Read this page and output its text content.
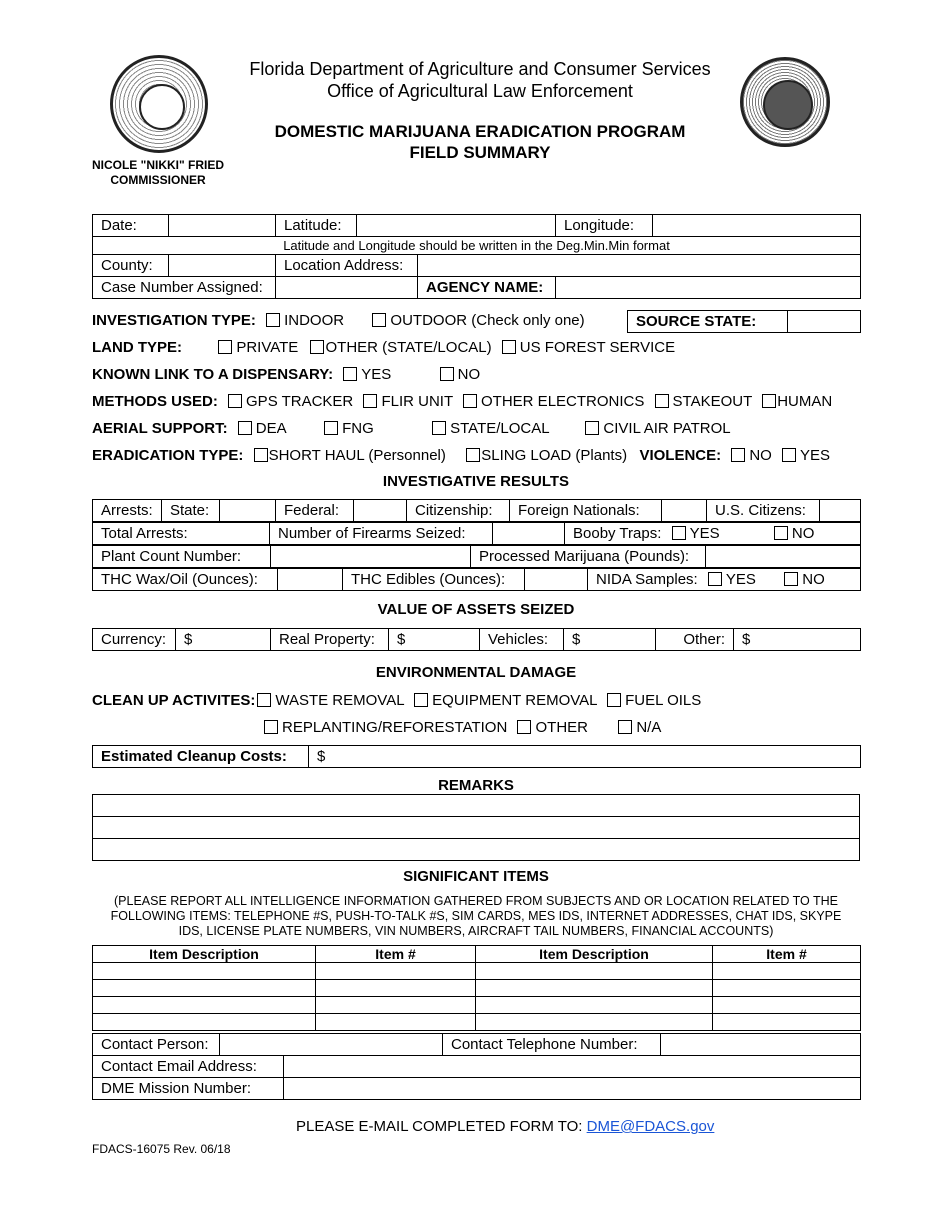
Florida Department of Agriculture and Consumer Services
Office of Agricultural Law Enforcement
DOMESTIC MARIJUANA ERADICATION PROGRAM
FIELD SUMMARY
NICOLE "NIKKI" FRIED
COMMISSIONER
Date:		Latitude:			Longitude:	
Latitude and Longitude should be written in the Deg.Min.Min format						
County:		Location Address:				
Case Number Assigned:				AGENCY NAME:		
INVESTIGATION TYPE: INDOOR	OUTDOOR (Check only one)	SOURCE STATE:	
LAND TYPE:	PRIVATE OTHER (STATE/LOCAL) US FOREST SERVICE
KNOWN LINK TO A DISPENSARY: YES	NO
METHODS USED: GPS TRACKER FLIR UNIT OTHER ELECTRONICS STAKEOUT HUMAN
AERIAL SUPPORT: DEA	FNG	STATE/LOCAL	CIVIL AIR PATROL
ERADICATION TYPE: SHORT HAUL (Personnel) SLING LOAD (Plants) VIOLENCE: NO YES
INVESTIGATIVE RESULTS
Arrests:	State:		Federal:		Citizenship:	Foreign Nationals:		U.S. Citizens:	
Total Arrests:	Number of Firearms Seized:		Booby Traps: YES	NO
Plant Count Number:		Processed Marijuana (Pounds):	
THC Wax/Oil (Ounces):		THC Edibles (Ounces):		NIDA Samples: YES	NO
VALUE OF ASSETS SEIZED
Currency:	$	Real Property:	$	Vehicles:	$	Other:	$
ENVIRONMENTAL DAMAGE
CLEAN UP ACTIVITES: WASTE REMOVAL EQUIPMENT REMOVAL FUEL OILS
REPLANTING/REFORESTATION OTHER	N/A
Estimated Cleanup Costs:	$
REMARKS

SIGNIFICANT ITEMS
(PLEASE REPORT ALL INTELLIGENCE INFORMATION GATHERED FROM SUBJECTS AND OR LOCATION RELATED TO THE
FOLLOWING ITEMS: TELEPHONE #S, PUSH-TO-TALK #S, SIM CARDS, MES IDS, INTERNET ADDRESSES, CHAT IDS, SKYPE
IDS, LICENSE PLATE NUMBERS, VIN NUMBERS, AIRCRAFT TAIL NUMBERS, FINANCIAL ACCOUNTS)
Item Description	Item #	Item Description	Item #

Contact Person:		Contact Telephone Number:	
Contact Email Address:	
DME Mission Number:	
PLEASE E-MAIL COMPLETED FORM TO: DME@FDACS.gov
FDACS-16075 Rev. 06/18
